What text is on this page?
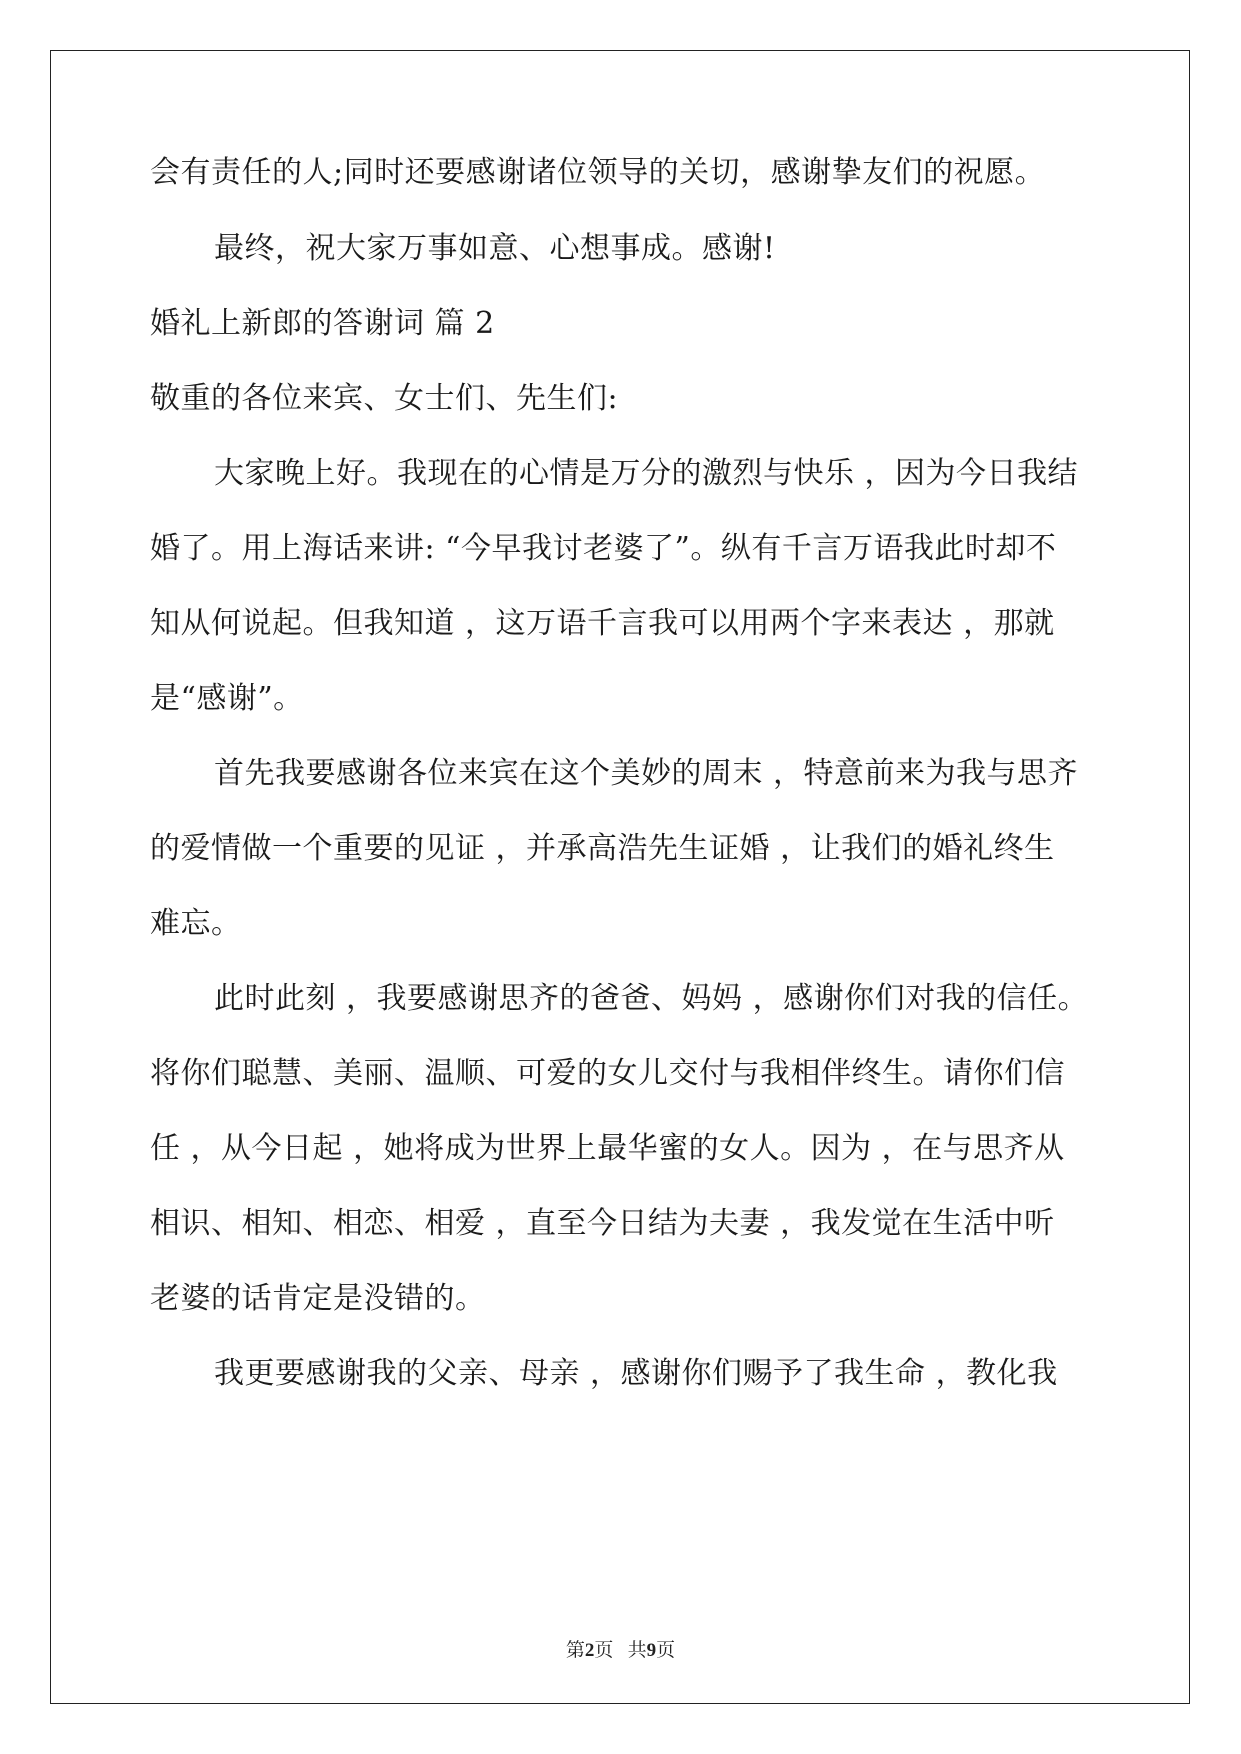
会有责任的人;同时还要感谢诸位领导的关切，感谢挚友们的祝愿。
最终，祝大家万事如意、心想事成。感谢!
婚礼上新郎的答谢词 篇 2
敬重的各位来宾、女士们、先生们:
大家晚上好。我现在的心情是万分的激烈与快乐 ，因为今日我结
婚了。用上海话来讲: “今早我讨老婆了”。纵有千言万语我此时却不
知从何说起。但我知道 ，这万语千言我可以用两个字来表达 ，那就
是“感谢”。
首先我要感谢各位来宾在这个美妙的周末 ，特意前来为我与思齐
的爱情做一个重要的见证 ，并承高浩先生证婚 ，让我们的婚礼终生
难忘。
此时此刻 ，我要感谢思齐的爸爸、妈妈 ，感谢你们对我的信任。
将你们聪慧、美丽、温顺、可爱的女儿交付与我相伴终生。请你们信
任 ，从今日起 ，她将成为世界上最华蜜的女人。因为 ，在与思齐从
相识、相知、相恋、相爱 ，直至今日结为夫妻 ，我发觉在生活中听
老婆的话肯定是没错的。
我更要感谢我的父亲、母亲 ，感谢你们赐予了我生命 ，教化我
第2页   共9页
